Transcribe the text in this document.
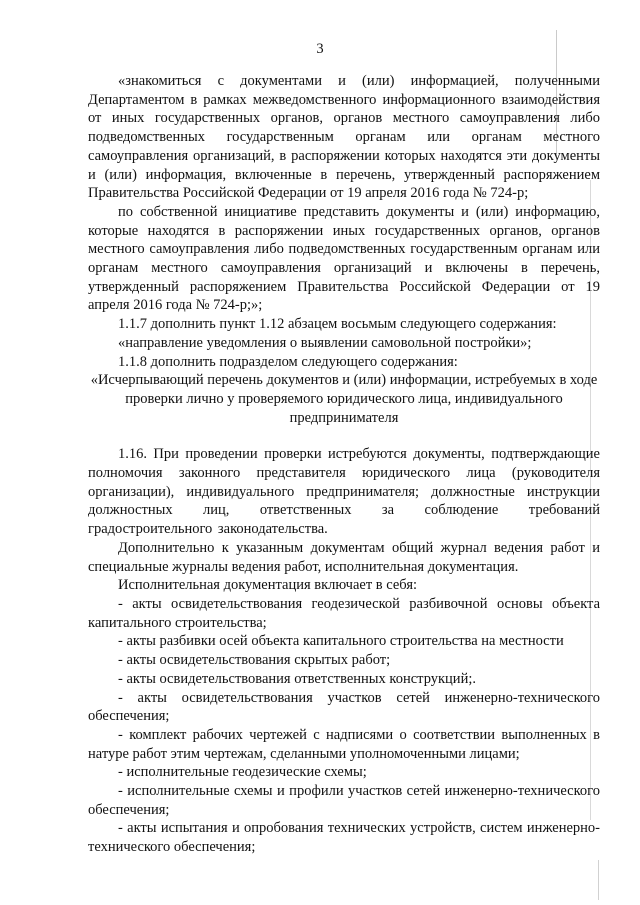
3

«знакомиться с документами и (или) информацией, полученными Департаментом в рамках межведомственного информационного взаимодействия от иных государственных органов, органов местного самоуправления либо подведомственных государственным органам или органам местного самоуправления организаций, в распоряжении которых находятся эти документы и (или) информация, включенные в перечень, утвержденный распоряжением Правительства Российской Федерации от 19 апреля 2016 года № 724-р;

по собственной инициативе представить документы и (или) информацию, которые находятся в распоряжении иных государственных органов, органов местного самоуправления либо подведомственных государственным органам или органам местного самоуправления организаций и включены в перечень, утвержденный распоряжением Правительства Российской Федерации от 19 апреля 2016 года № 724-р;»;

1.1.7 дополнить пункт 1.12 абзацем восьмым следующего содержания:

«направление уведомления о выявлении самовольной постройки»;

1.1.8 дополнить подразделом следующего содержания:

«Исчерпывающий перечень документов и (или) информации, истребуемых в ходе проверки лично у проверяемого юридического лица, индивидуального предпринимателя

1.16. При проведении проверки истребуются документы, подтверждающие полномочия законного представителя юридического лица (руководителя организации), индивидуального предпринимателя; должностные инструкции должностных лиц, ответственных за соблюдение требований градостроительного законодательства.

Дополнительно к указанным документам общий журнал ведения работ и специальные журналы ведения работ, исполнительная документация.

Исполнительная документация включает в себя:

- акты освидетельствования геодезической разбивочной основы объекта капитального строительства;

- акты разбивки осей объекта капитального строительства на местности

- акты освидетельствования скрытых работ;

- акты освидетельствования ответственных конструкций;.

- акты освидетельствования участков сетей инженерно-технического обеспечения;

- комплект рабочих чертежей с надписями о соответствии выполненных в натуре работ этим чертежам, сделанными уполномоченными лицами;

- исполнительные геодезические схемы;

- исполнительные схемы и профили участков сетей инженерно-технического обеспечения;

- акты испытания и опробования технических устройств, систем инженерно-технического обеспечения;
